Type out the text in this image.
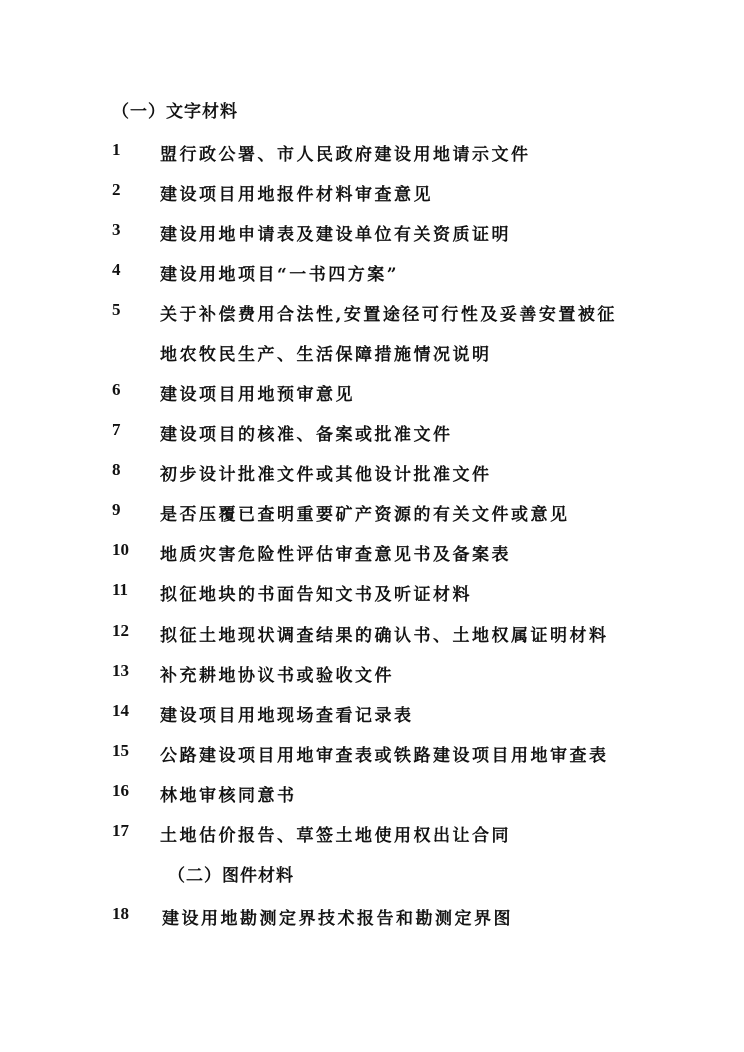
（一）文字材料
1 盟行政公署、市人民政府建设用地请示文件
2 建设项目用地报件材料审查意见
3 建设用地申请表及建设单位有关资质证明
4 建设用地项目“一书四方案”
5 关于补偿费用合法性,安置途径可行性及妥善安置被征
地农牧民生产、生活保障措施情况说明
6 建设项目用地预审意见
7 建设项目的核准、备案或批准文件
8 初步设计批准文件或其他设计批准文件
9 是否压覆已查明重要矿产资源的有关文件或意见
10 地质灾害危险性评估审查意见书及备案表
11 拟征地块的书面告知文书及听证材料
12 拟征土地现状调查结果的确认书、土地权属证明材料
13 补充耕地协议书或验收文件
14 建设项目用地现场查看记录表
15 公路建设项目用地审查表或铁路建设项目用地审查表
16 林地审核同意书
17 土地估价报告、草签土地使用权出让合同
（二）图件材料
18 建设用地勘测定界技术报告和勘测定界图
